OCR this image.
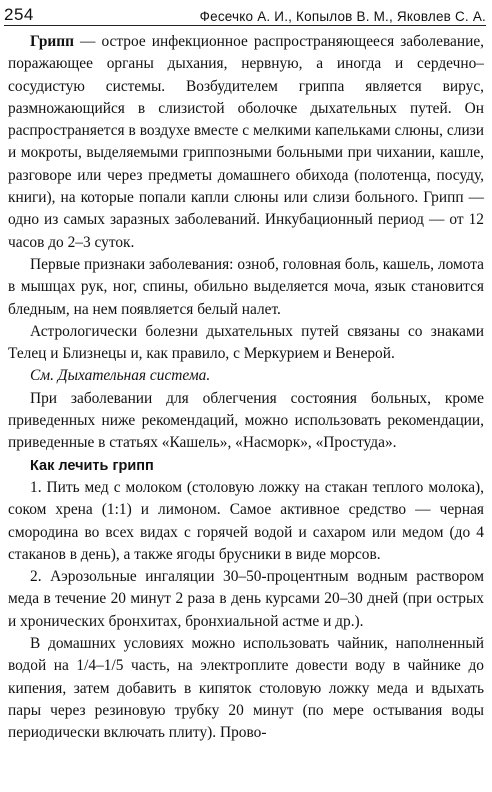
254	Фесечко А. И., Копылов В. М., Яковлев С. А.

Грипп — острое инфекционное распространяющееся заболевание, поражающее органы дыхания, нервную, а иногда и сердечно–сосудистую системы. Возбудителем гриппа является вирус, размножающийся в слизистой оболочке дыхательных путей. Он распространяется в воздухе вместе с мелкими капельками слюны, слизи и мокроты, выделяемыми гриппозными больными при чихании, кашле, разговоре или через предметы домашнего обихода (полотенца, посуду, книги), на которые попали капли слюны или слизи больного. Грипп — одно из самых заразных заболеваний. Инкубационный период — от 12 часов до 2–3 суток.

Первые признаки заболевания: озноб, головная боль, кашель, ломота в мышцах рук, ног, спины, обильно выделяется моча, язык становится бледным, на нем появляется белый налет.

Астрологически болезни дыхательных путей связаны со знаками Телец и Близнецы и, как правило, с Меркурием и Венерой.

См. Дыхательная система.

При заболевании для облегчения состояния больных, кроме приведенных ниже рекомендаций, можно использовать рекомендации, приведенные в статьях «Кашель», «Насморк», «Простуда».

Как лечить грипп

1. Пить мед с молоком (столовую ложку на стакан теплого молока), соком хрена (1:1) и лимоном. Самое активное средство — черная смородина во всех видах с горячей водой и сахаром или медом (до 4 стаканов в день), а также ягоды брусники в виде морсов.

2. Аэрозольные ингаляции 30–50-процентным водным раствором меда в течение 20 минут 2 раза в день курсами 20–30 дней (при острых и хронических бронхитах, бронхиальной астме и др.).

В домашних условиях можно использовать чайник, наполненный водой на 1/4–1/5 часть, на электроплите довести воду в чайнике до кипения, затем добавить в кипяток столовую ложку меда и вдыхать пары через резиновую трубку 20 минут (по мере остывания воды периодически включать плиту). Прово-
